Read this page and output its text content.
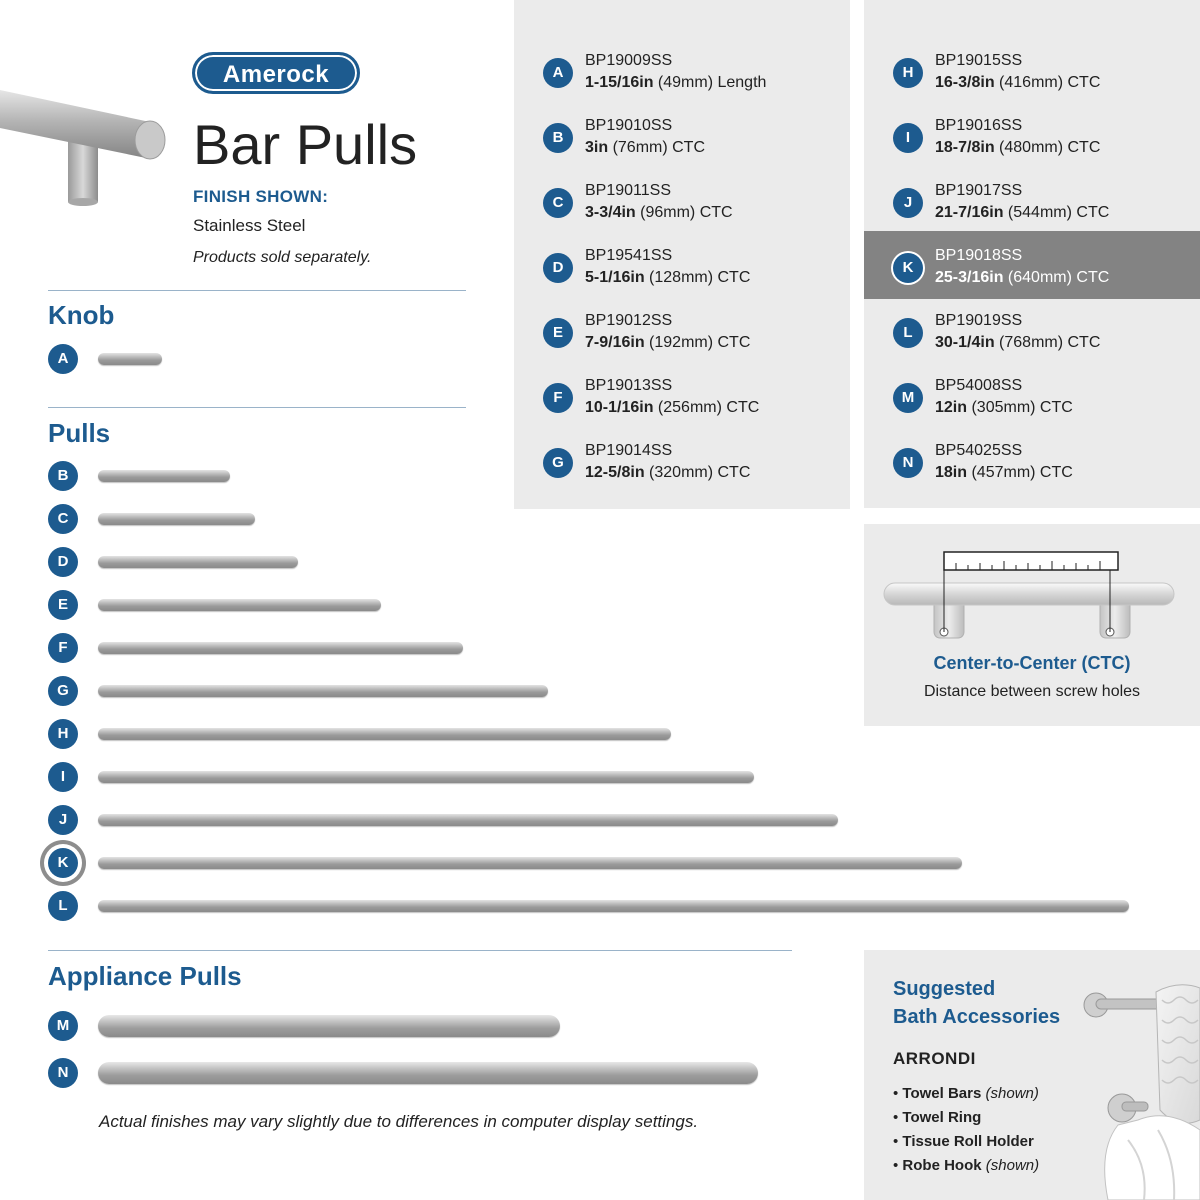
Amerock
Bar Pulls
FINISH SHOWN:
Stainless Steel
Products sold separately.
Knob
A
Pulls
B
C
D
E
F
G
H
I
J
K
L
Appliance Pulls
M
N
Actual finishes may vary slightly due to differences in computer display settings.
A
BP19009SS
1-15/16in (49mm) Length
B
BP19010SS
3in (76mm) CTC
C
BP19011SS
3-3/4in (96mm) CTC
D
BP19541SS
5-1/16in (128mm) CTC
E
BP19012SS
7-9/16in (192mm) CTC
F
BP19013SS
10-1/16in (256mm) CTC
G
BP19014SS
12-5/8in (320mm) CTC
H
BP19015SS
16-3/8in (416mm) CTC
I
BP19016SS
18-7/8in (480mm) CTC
J
BP19017SS
21-7/16in (544mm) CTC
K
BP19018SS
25-3/16in (640mm) CTC
L
BP19019SS
30-1/4in (768mm) CTC
M
BP54008SS
12in (305mm) CTC
N
BP54025SS
18in (457mm) CTC
Center-to-Center (CTC)
Distance between screw holes
Suggested
Bath Accessories
ARRONDI
• Towel Bars (shown)
• Towel Ring
• Tissue Roll Holder
• Robe Hook (shown)
